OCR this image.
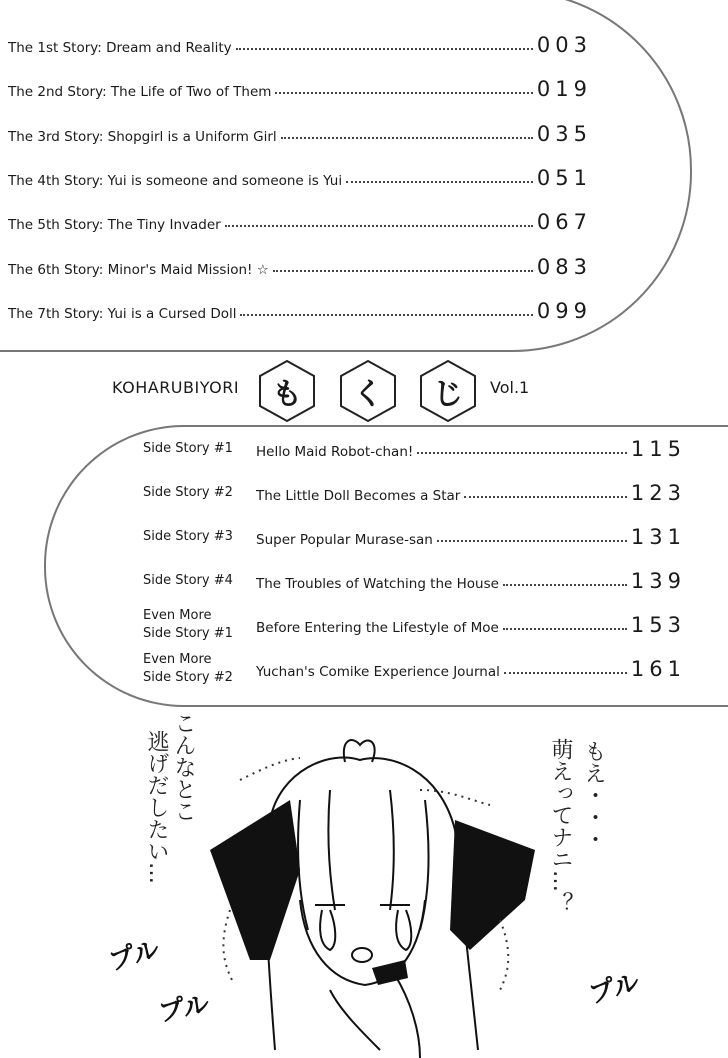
The 1st Story: Dream and Reality	003
The 2nd Story: The Life of Two of Them	019
The 3rd Story: Shopgirl is a Uniform Girl	035
The 4th Story: Yui is someone and someone is Yui	051
The 5th Story: The Tiny Invader	067
The 6th Story: Minor's Maid Mission! ☆	083
The 7th Story: Yui is a Cursed Doll	099
KOHARUBIYORI	も	く	じ	Vol.1
Side Story #1 Hello Maid Robot-chan!	115
Side Story #2 The Little Doll Becomes a Star	123
Side Story #3 Super Popular Murase-san	131
Side Story #4 The Troubles of Watching the House	139
Even More
Side Story #1 Before Entering the Lifestyle of Moe	153
Even More
Side Story #2 Yuchan's Comike Experience Journal	161
こんなとこ
逃げだしたい…	もえ・・・
萌えってナニ…？
プル
プル	プル
